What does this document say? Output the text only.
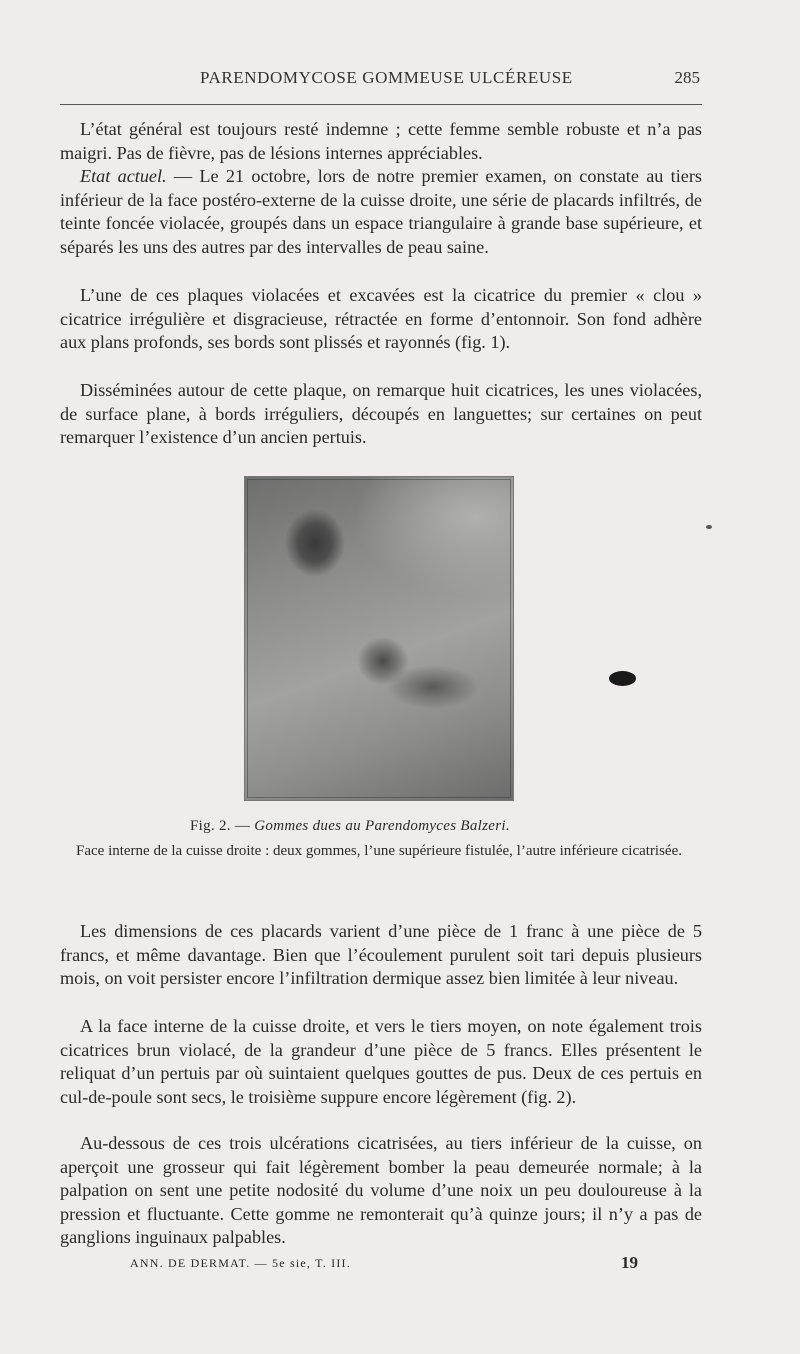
PARENDOMYCOSE GOMMEUSE ULCÉREUSE	285

L’état général est toujours resté indemne ; cette femme semble robuste et n’a pas maigri. Pas de fièvre, pas de lésions internes appréciables.

Etat actuel. — Le 21 octobre, lors de notre premier examen, on constate au tiers inférieur de la face postéro-externe de la cuisse droite, une série de placards infiltrés, de teinte foncée violacée, groupés dans un espace triangulaire à grande base supérieure, et séparés les uns des autres par des intervalles de peau saine.

L’une de ces plaques violacées et excavées est la cicatrice du premier « clou » cicatrice irrégulière et disgracieuse, rétractée en forme d’entonnoir. Son fond adhère aux plans profonds, ses bords sont plissés et rayonnés (fig. 1).

Disséminées autour de cette plaque, on remarque huit cicatrices, les unes violacées, de surface plane, à bords irréguliers, découpés en languettes; sur certaines on peut remarquer l’existence d’un ancien pertuis.

Fig. 2. — Gommes dues au Parendomyces Balzeri.
Face interne de la cuisse droite : deux gommes, l’une supérieure fistulée, l’autre inférieure cicatrisée.

Les dimensions de ces placards varient d’une pièce de 1 franc à une pièce de 5 francs, et même davantage. Bien que l’écoulement purulent soit tari depuis plusieurs mois, on voit persister encore l’infiltration dermique assez bien limitée à leur niveau.

A la face interne de la cuisse droite, et vers le tiers moyen, on note également trois cicatrices brun violacé, de la grandeur d’une pièce de 5 francs. Elles présentent le reliquat d’un pertuis par où suintaient quelques gouttes de pus. Deux de ces pertuis en cul-de-poule sont secs, le troisième suppure encore légèrement (fig. 2).

Au-dessous de ces trois ulcérations cicatrisées, au tiers inférieur de la cuisse, on aperçoit une grosseur qui fait légèrement bomber la peau demeurée normale; à la palpation on sent une petite nodosité du volume d’une noix un peu douloureuse à la pression et fluctuante. Cette gomme ne remonterait qu’à quinze jours; il n’y a pas de ganglions inguinaux palpables.

ANN. DE DERMAT. — 5e sie, T. III.	19
